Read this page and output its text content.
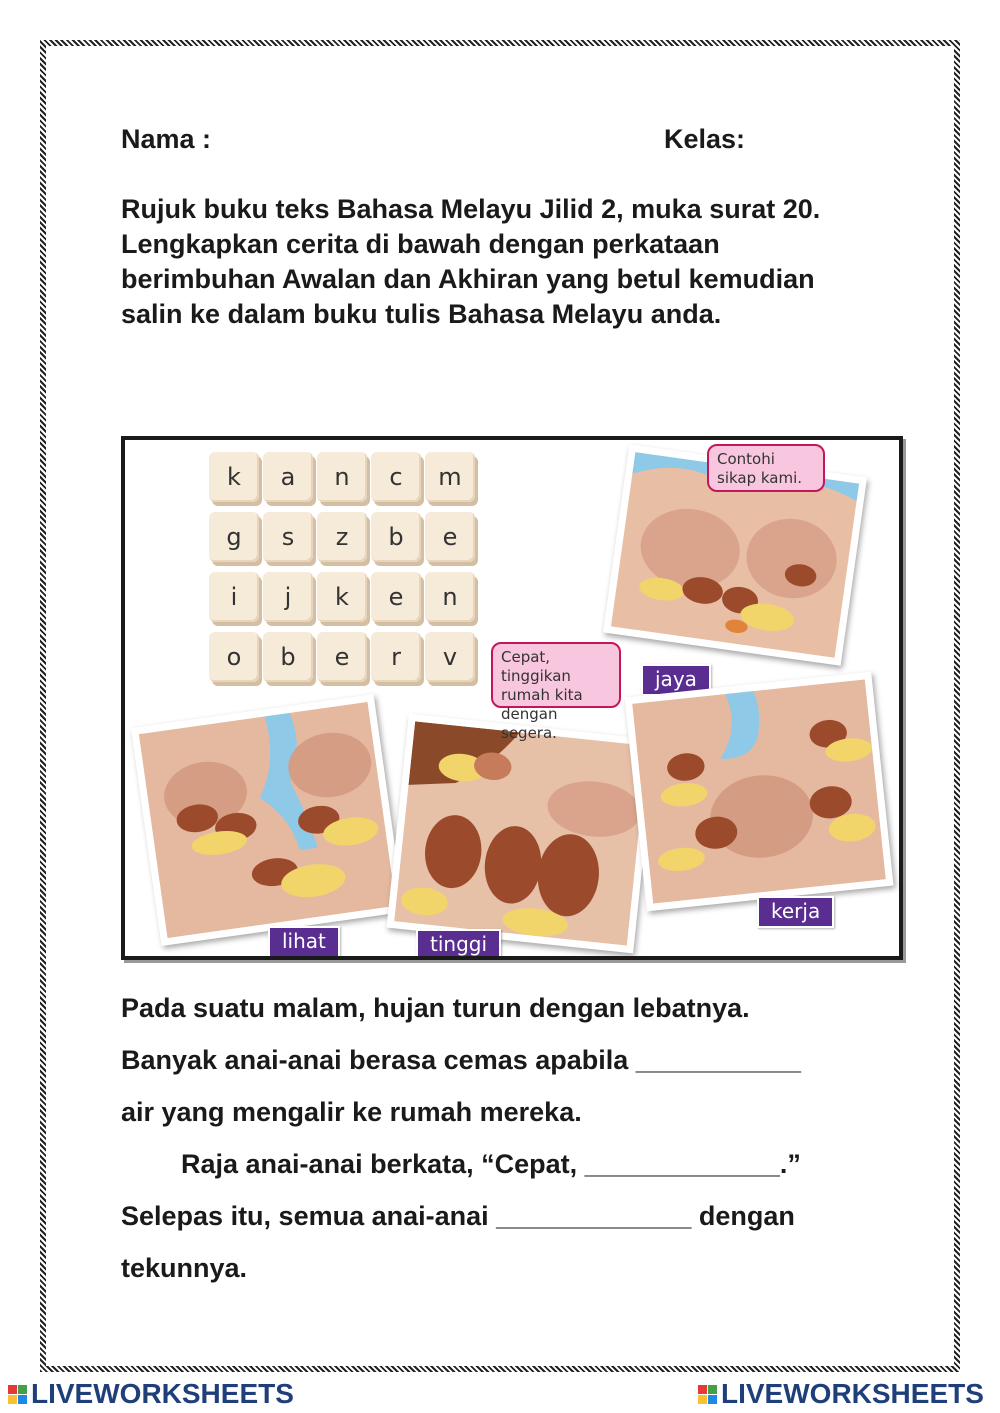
Nama :	Kelas:

Rujuk buku teks Bahasa Melayu Jilid 2, muka surat 20. Lengkapkan cerita di bawah dengan perkataan berimbuhan Awalan dan Akhiran yang betul kemudian salin ke dalam buku tulis Bahasa Melayu anda.

k	a	n	c	m
g	s	z	b	e
i	j	k	e	n
o	b	e	r	v
Contohi sikap kami.
jaya
lihat
Cepat, tinggikan rumah kita dengan segera.
tinggi
kerja
Pada suatu malam, hujan turun dengan lebatnya.
Banyak anai-anai berasa cemas apabila ___________
air yang mengalir ke rumah mereka.
Raja anai-anai berkata, “Cepat, _____________.”
Selepas itu, semua anai-anai _____________ dengan
tekunnya.
LIVEWORKSHEETS	LIVEWORKSHEETS
